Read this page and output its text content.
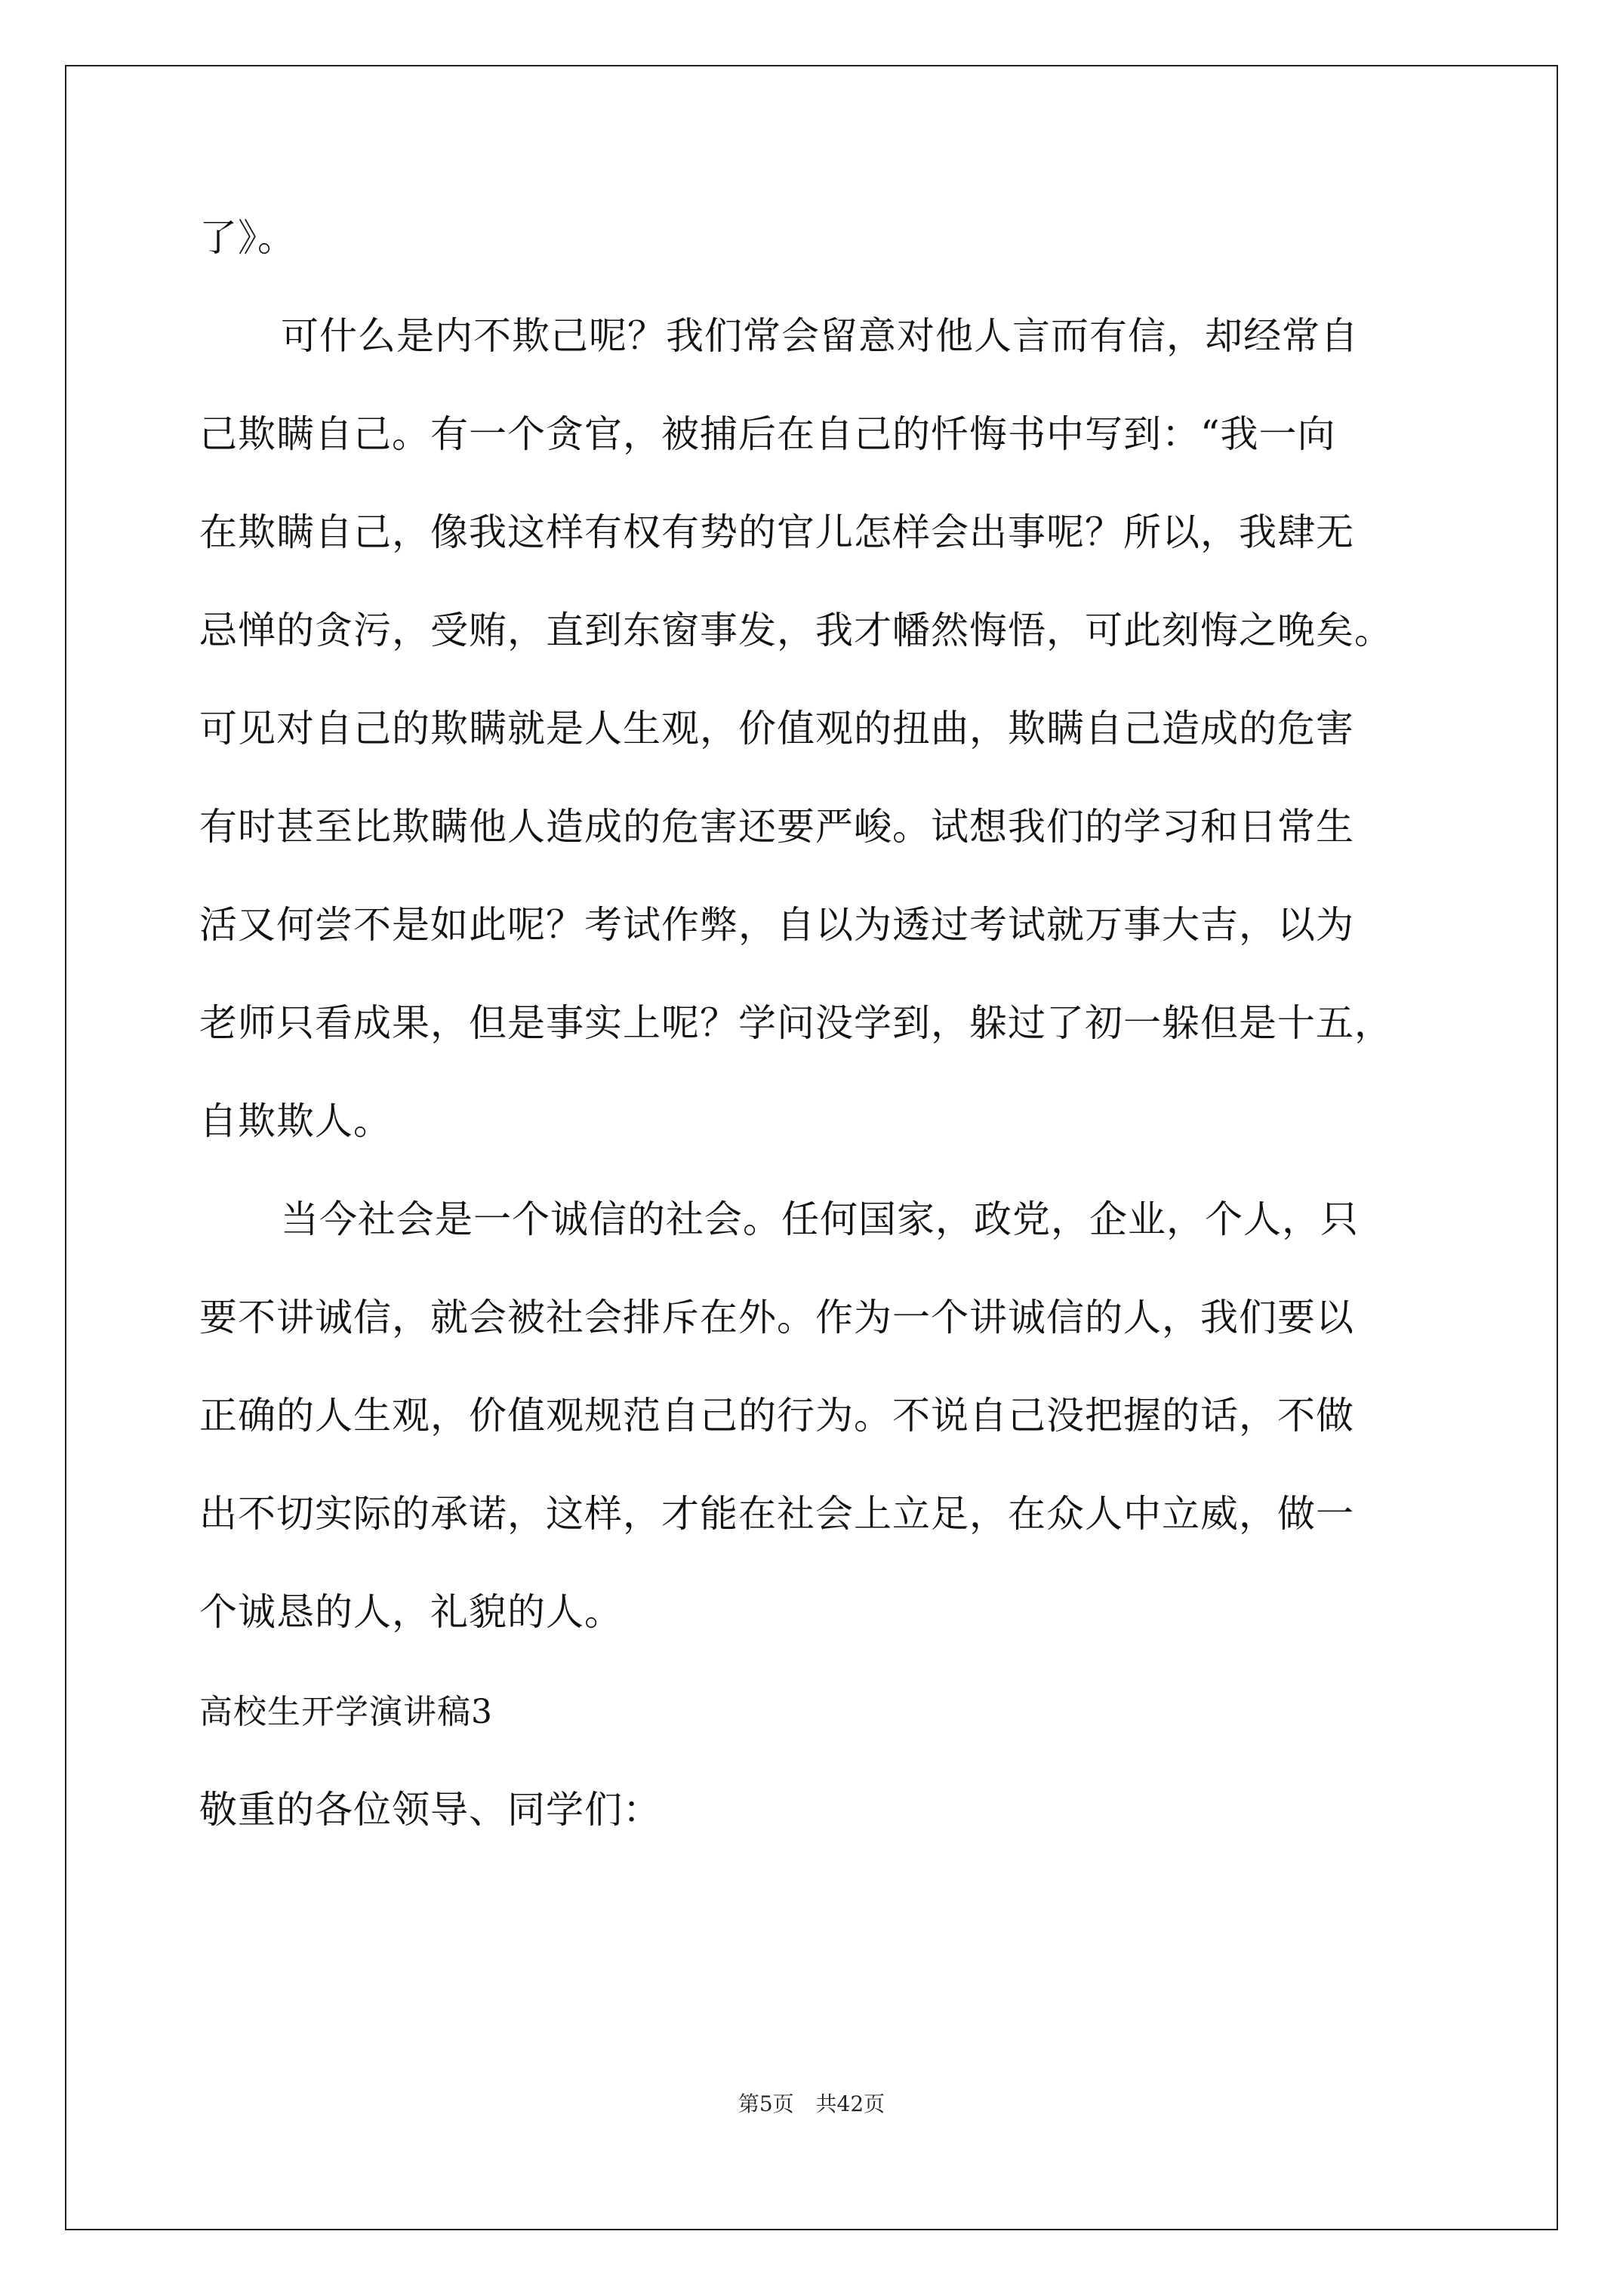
了》。
可什么是内不欺己呢？我们常会留意对他人言而有信，却经常自
己欺瞒自己。有一个贪官，被捕后在自己的忏悔书中写到：“我一向
在欺瞒自己，像我这样有权有势的官儿怎样会出事呢？所以，我肆无
忌惮的贪污，受贿，直到东窗事发，我才幡然悔悟，可此刻悔之晚矣。
可见对自己的欺瞒就是人生观，价值观的扭曲，欺瞒自己造成的危害
有时甚至比欺瞒他人造成的危害还要严峻。试想我们的学习和日常生
活又何尝不是如此呢？考试作弊，自以为透过考试就万事大吉，以为
老师只看成果，但是事实上呢？学问没学到，躲过了初一躲但是十五，
自欺欺人。
当今社会是一个诚信的社会。任何国家，政党，企业，个人，只
要不讲诚信，就会被社会排斥在外。作为一个讲诚信的人，我们要以
正确的人生观，价值观规范自己的行为。不说自己没把握的话，不做
出不切实际的承诺，这样，才能在社会上立足，在众人中立威，做一
个诚恳的人，礼貌的人。
高校生开学演讲稿3
敬重的各位领导、同学们：
第5页 共42页
